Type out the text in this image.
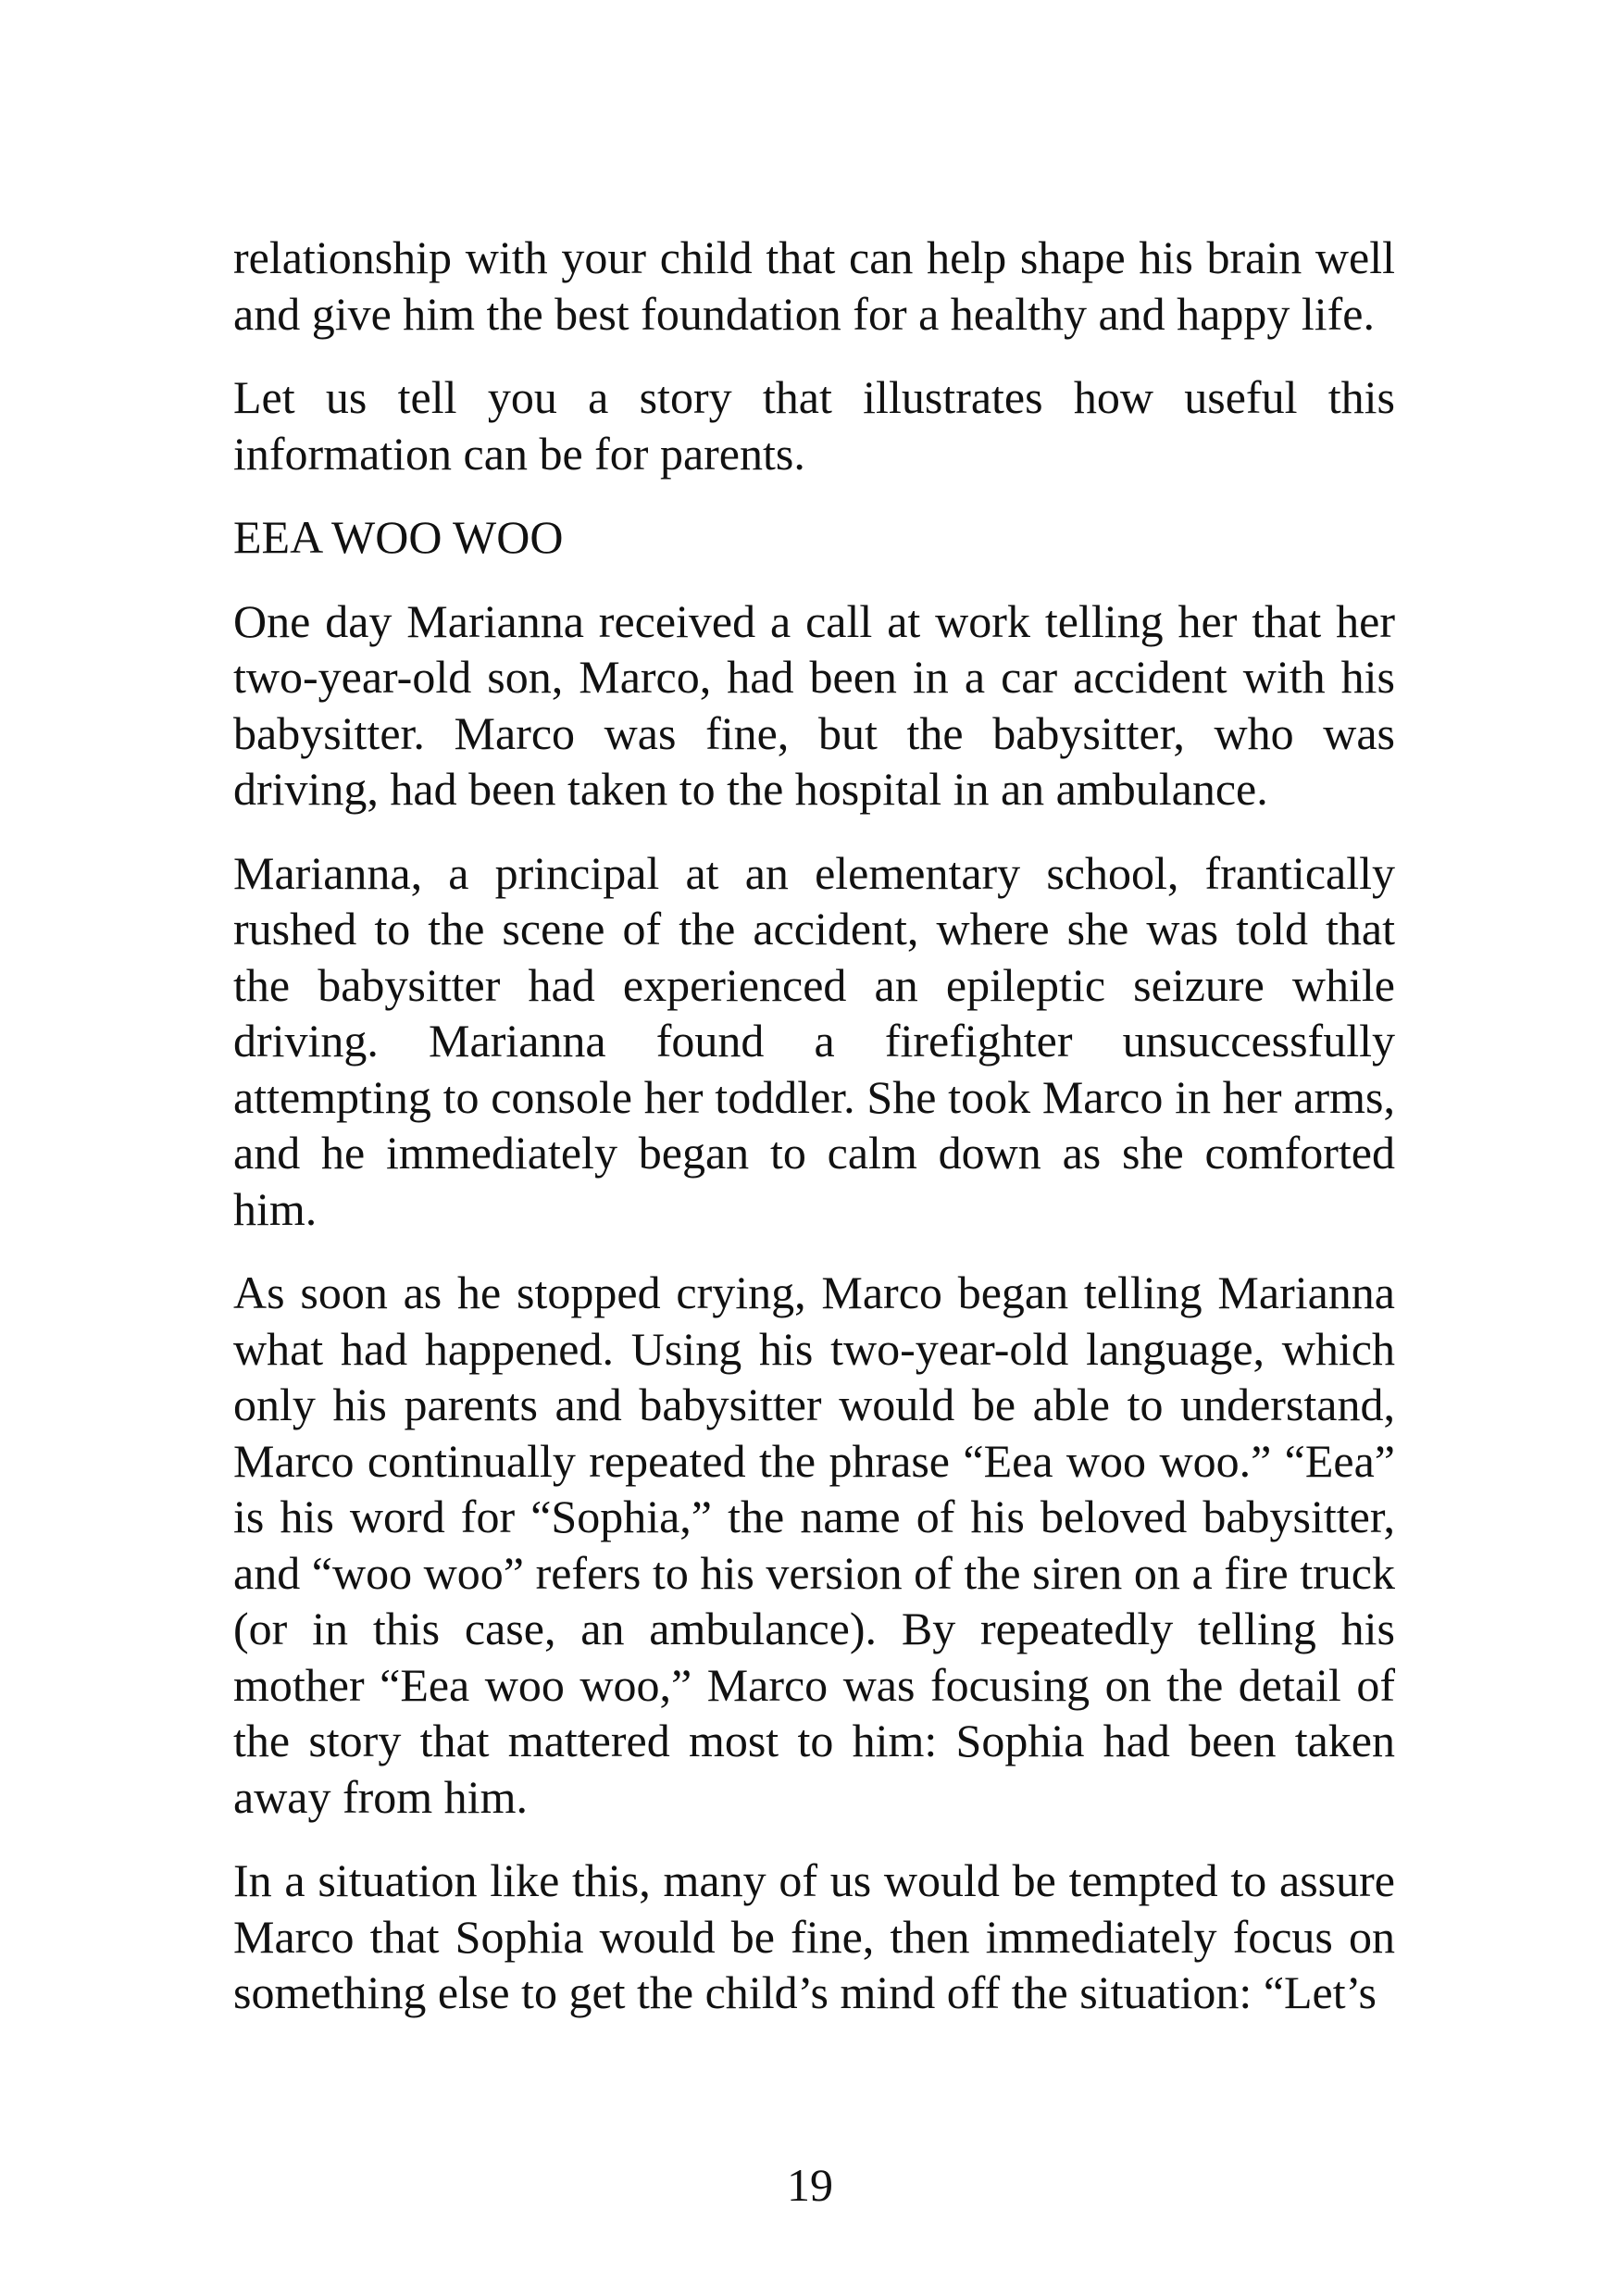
relationship with your child that can help shape his brain well and give him the best foundation for a healthy and happy life.

Let us tell you a story that illustrates how useful this information can be for parents.

EEA WOO WOO

One day Marianna received a call at work telling her that her two-year-old son, Marco, had been in a car accident with his babysitter. Marco was fine, but the babysitter, who was driving, had been taken to the hospital in an ambulance.

Marianna, a principal at an elementary school, frantically rushed to the scene of the accident, where she was told that the babysitter had experienced an epileptic seizure while driving. Marianna found a firefighter unsuccessfully attempting to console her toddler. She took Marco in her arms, and he immediately began to calm down as she comforted him.

As soon as he stopped crying, Marco began telling Marianna what had happened. Using his two-year-old language, which only his parents and babysitter would be able to understand, Marco continually repeated the phrase “Eea woo woo.” “Eea” is his word for “Sophia,” the name of his beloved babysitter, and “woo woo” refers to his version of the siren on a fire truck (or in this case, an ambulance). By repeatedly telling his mother “Eea woo woo,” Marco was focusing on the detail of the story that mattered most to him: Sophia had been taken away from him.

In a situation like this, many of us would be tempted to assure Marco that Sophia would be fine, then immediately focus on something else to get the child’s mind off the situation: “Let’s

19
